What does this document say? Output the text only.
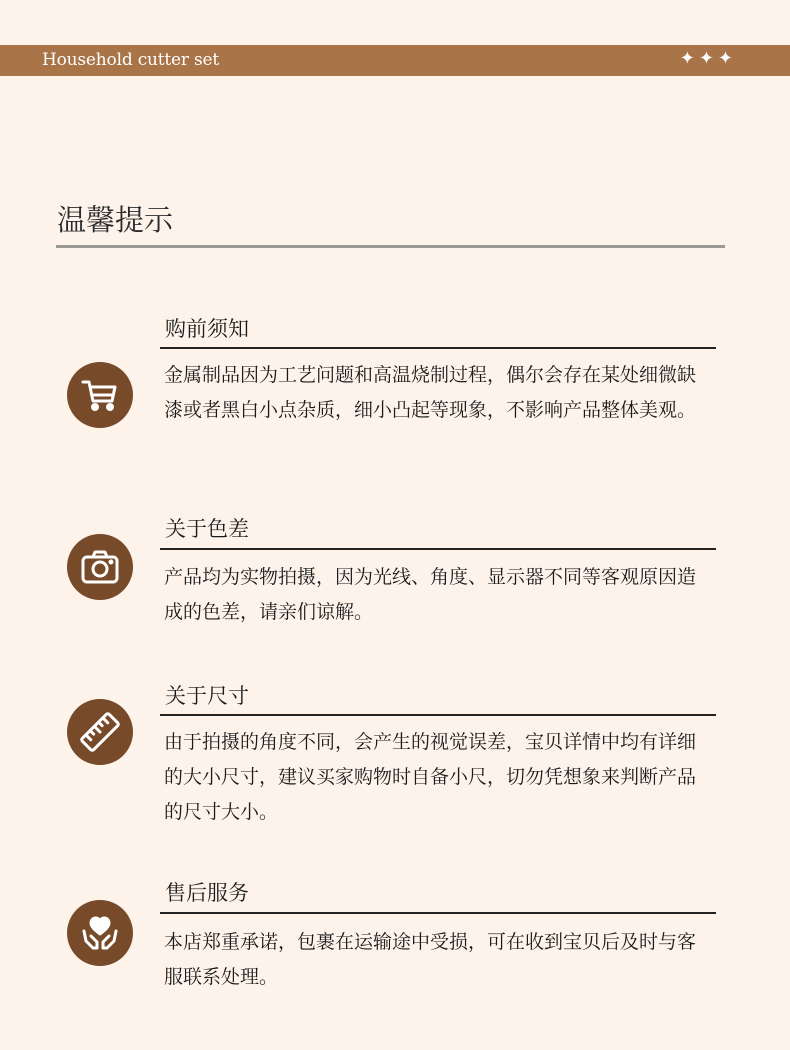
Household cutter set	✦✦✦
温馨提示
购前须知
金属制品因为工艺问题和高温烧制过程，偶尔会存在某处细微缺漆或者黑白小点杂质，细小凸起等现象，不影响产品整体美观。
关于色差
产品均为实物拍摄，因为光线、角度、显示器不同等客观原因造成的色差，请亲们谅解。
关于尺寸
由于拍摄的角度不同，会产生的视觉误差，宝贝详情中均有详细的大小尺寸，建议买家购物时自备小尺，切勿凭想象来判断产品的尺寸大小。
售后服务
本店郑重承诺，包裹在运输途中受损，可在收到宝贝后及时与客服联系处理。
